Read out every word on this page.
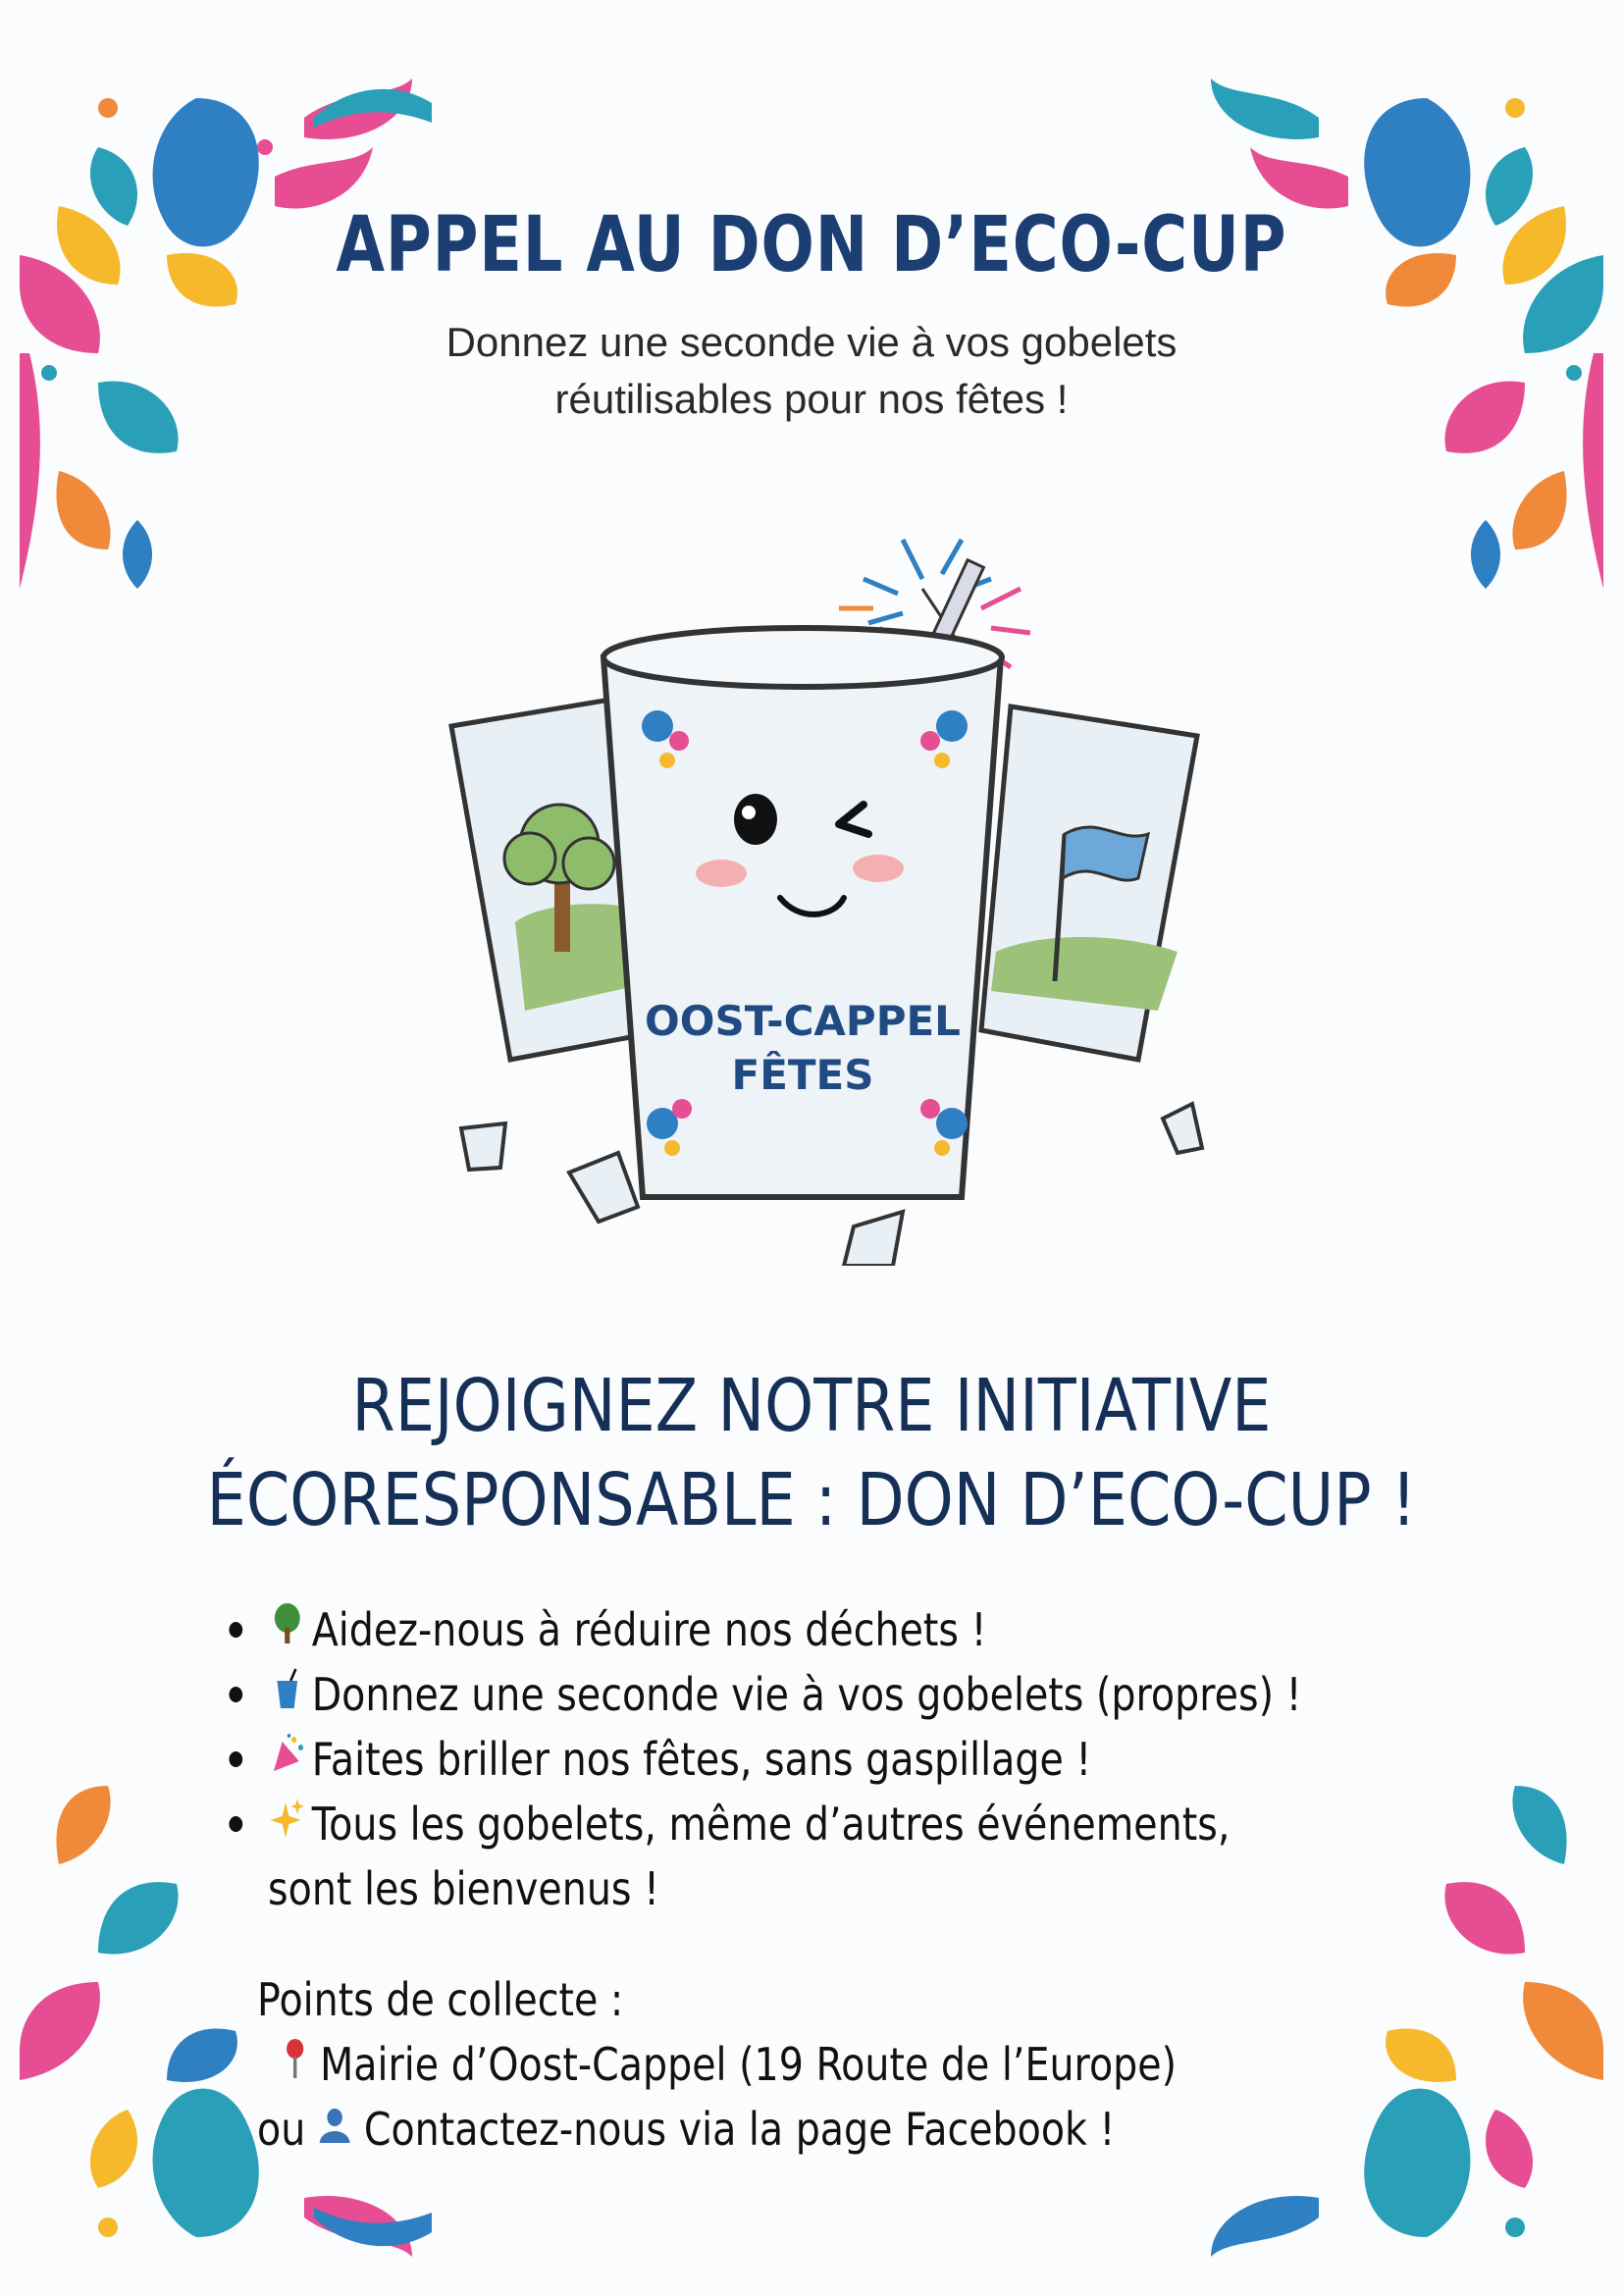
APPEL AU DON D’ECO-CUP
Donnez une seconde vie à vos gobelets
réutilisables pour nos fêtes !
OOST-CAPPEL
FÊTES
REJOIGNEZ NOTRE INITIATIVE
ÉCORESPONSABLE : DON D’ECO-CUP !
Aidez-nous à réduire nos déchets !
Donnez une seconde vie à vos gobelets (propres) !
Faites briller nos fêtes, sans gaspillage !
Tous les gobelets, même d’autres événements,
sont les bienvenus !
Points de collecte :
Mairie d’Oost-Cappel (19 Route de l’Europe)
ou Contactez-nous via la page Facebook !
